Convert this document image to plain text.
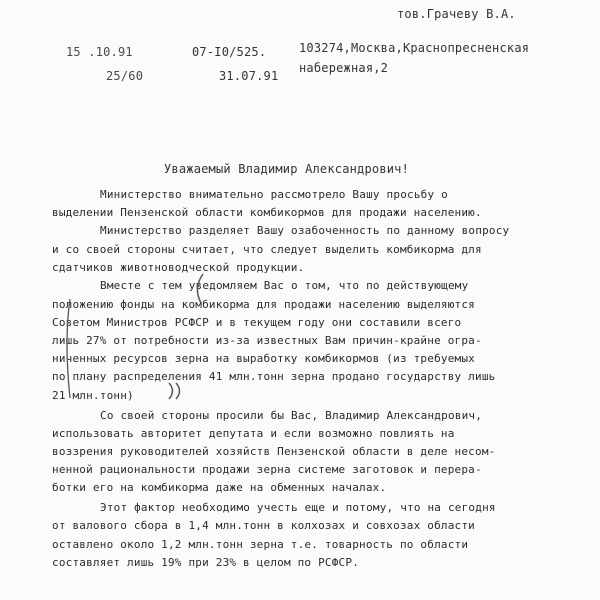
тов.Грачеву В.А.
15 .10.91
25/60
07-I0/525.
31.07.91
103274,Москва,Краснопресненская
набережная,2
Уважаемый Владимир Александрович!
Министерство внимательно рассмотрело Вашу просьбу о
выделении Пензенской области комбикормов для продажи населению.
Министерство разделяет Вашу озабоченность по данному вопросу
и со своей стороны считает, что следует выделить комбикорма для
сдатчиков животноводческой продукции.
Вместе с тем уведомляем Вас о том, что по действующему
положению фонды на комбикорма для продажи населению выделяются
Советом Министров РСФСР и в текущем году они составили всего
лишь 27% от потребности из-за известных Вам причин-крайне огра-
ниченных ресурсов зерна на выработку комбикормов (из требуемых
по плану распределения 41 млн.тонн зерна продано государству лишь
21 млн.тонн)
Со своей стороны просили бы Вас, Владимир Александрович,
использовать авторитет депутата и если возможно повлиять на
воззрения руководителей хозяйств Пензенской области в деле несом-
ненной рациональности продажи зерна системе заготовок и перера-
ботки его на комбикорма даже на обменных началах.
Этот фактор необходимо учесть еще и потому, что на сегодня
от валового сбора в 1,4 млн.тонн в колхозах и совхозах области
оставлено около 1,2 млн.тонн зерна т.е. товарность по области
составляет лишь 19% при 23% в целом по РСФСР.
